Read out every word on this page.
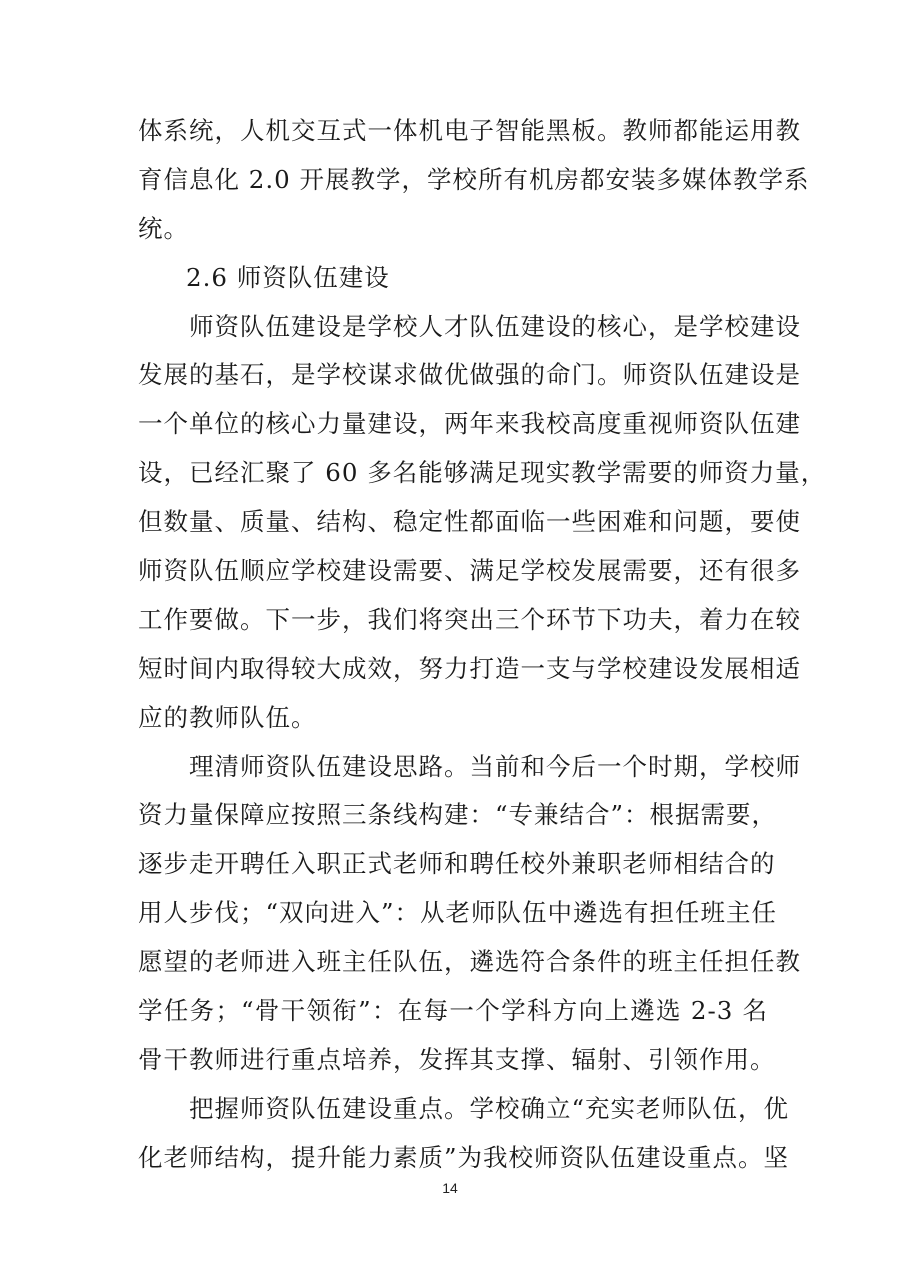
体系统，人机交互式一体机电子智能黑板。教师都能运用教
育信息化 2.0 开展教学，学校所有机房都安装多媒体教学系
统。
2.6 师资队伍建设
　　师资队伍建设是学校人才队伍建设的核心，是学校建设
发展的基石，是学校谋求做优做强的命门。师资队伍建设是
一个单位的核心力量建设，两年来我校高度重视师资队伍建
设，已经汇聚了 60 多名能够满足现实教学需要的师资力量，
但数量、质量、结构、稳定性都面临一些困难和问题，要使
师资队伍顺应学校建设需要、满足学校发展需要，还有很多
工作要做。下一步，我们将突出三个环节下功夫，着力在较
短时间内取得较大成效，努力打造一支与学校建设发展相适
应的教师队伍。
　　理清师资队伍建设思路。当前和今后一个时期，学校师
资力量保障应按照三条线构建：“专兼结合”：根据需要，
逐步走开聘任入职正式老师和聘任校外兼职老师相结合的
用人步伐；“双向进入”：从老师队伍中遴选有担任班主任
愿望的老师进入班主任队伍，遴选符合条件的班主任担任教
学任务；“骨干领衔”：在每一个学科方向上遴选 2-3 名
骨干教师进行重点培养，发挥其支撑、辐射、引领作用。
　　把握师资队伍建设重点。学校确立“充实老师队伍，优
化老师结构，提升能力素质”为我校师资队伍建设重点。坚
14
